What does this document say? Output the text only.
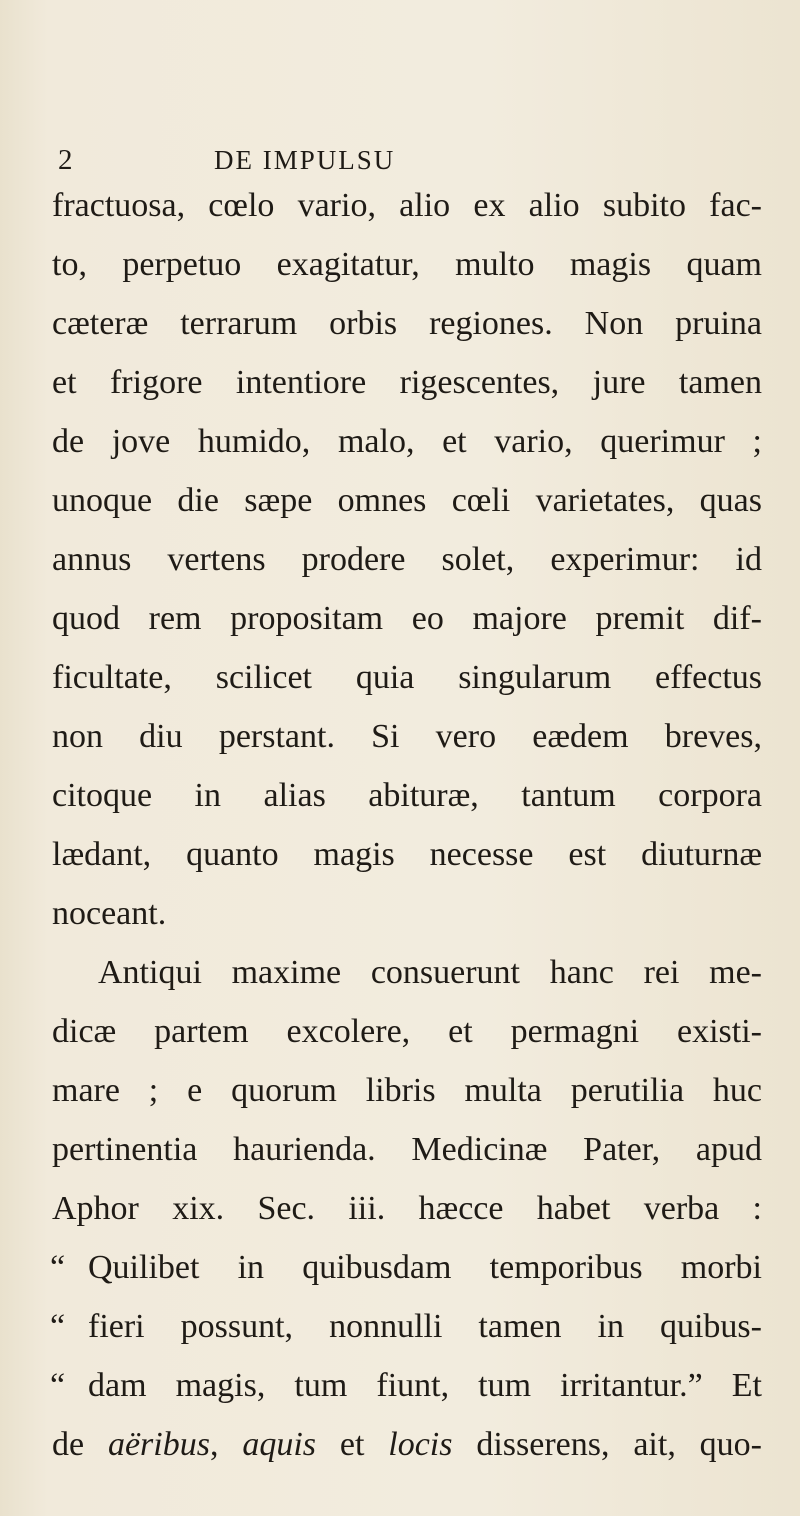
2	DE IMPULSU
fractuosa, cœlo vario, alio ex alio subito fac-
to, perpetuo exagitatur, multo magis quam
cæteræ terrarum orbis regiones. Non pruina
et frigore intentiore rigescentes, jure tamen
de jove humido, malo, et vario, querimur ;
unoque die sæpe omnes cœli varietates, quas
annus vertens prodere solet, experimur: id
quod rem propositam eo majore premit dif-
ficultate, scilicet quia singularum effectus
non diu perstant. Si vero eædem breves,
citoque in alias abituræ, tantum corpora
lædant, quanto magis necesse est diuturnæ
noceant.
Antiqui maxime consuerunt hanc rei me-
dicæ partem excolere, et permagni existi-
mare ; e quorum libris multa perutilia huc
pertinentia haurienda. Medicinæ Pater, apud
Aphor xix. Sec. iii. hæcce habet verba :
“ Quilibet in quibusdam temporibus morbi
“ fieri possunt, nonnulli tamen in quibus-
“ dam magis, tum fiunt, tum irritantur.” Et
de aëribus, aquis et locis disserens, ait, quo-
